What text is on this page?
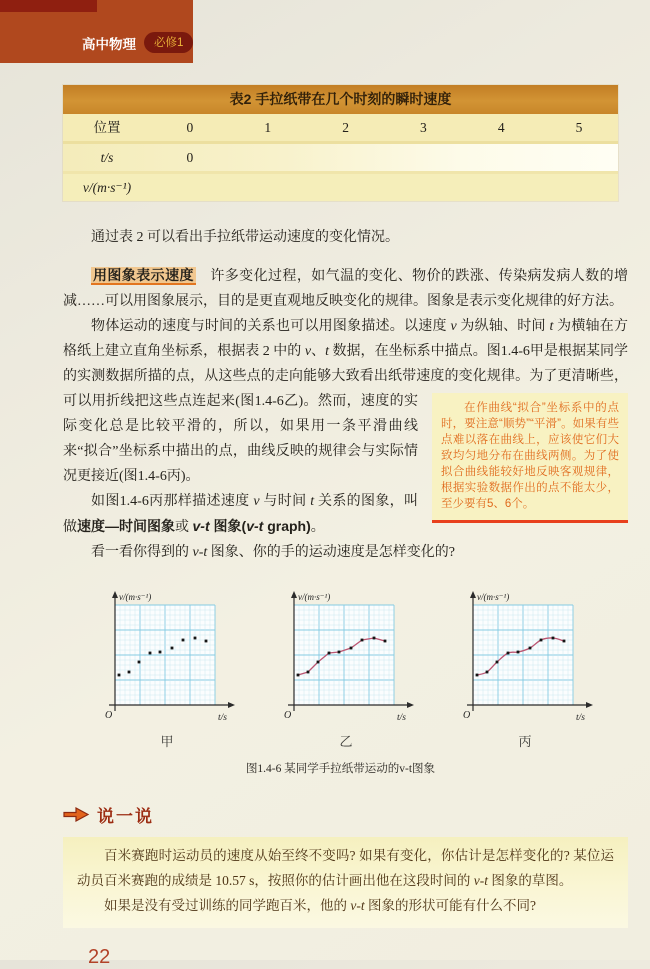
高中物理	必修1
表2 手拉纸带在几个时刻的瞬时速度
位置	0	1	2	3	4	5
t/s	0
v/(m·s⁻¹)

通过表 2 可以看出手拉纸带运动速度的变化情况。

用图象表示速度　许多变化过程，如气温的变化、物价的跌涨、传染病发病人数的增减……可以用图象展示，目的是更直观地反映变化的规律。图象是表示变化规律的好方法。

物体运动的速度与时间的关系也可以用图象描述。以速度 v 为纵轴、时间 t 为横轴在方格纸上建立直角坐标系，根据表 2 中的 v、t 数据，在坐标系中描点。图1.4-6甲是根据某同学的实测数据所描的点，从这些点的走向能够大致看出纸带速度的变化规律。为了更清晰
在作曲线“拟合”坐标系中的点时，要注意“顺势”“平滑”。如果有些点难以落在曲线上，应该使它们大致均匀地分布在曲线两侧。为了使拟合曲线能较好地反映客观规律，根据实验数据作出的点不能太少，至少要有5、6个。
些，可以用折线把这些点连起来(图1.4-6乙)。然而，速度的实际变化总是比较平滑的，所以，如果用一条平滑曲线来“拟合”坐标系中描出的点，曲线反映的规律会与实际情况更接近(图1.4-6丙)。

如图1.4-6丙那样描述速度 v 与时间 t 关系的图象，叫做速度—时间图象或 v-t 图象(v-t graph)。

看一看你得到的 v-t 图象、你的手的运动速度是怎样变化的?

v/(m·s⁻¹)
t/s
O
甲
v/(m·s⁻¹)
t/s
O
乙
v/(m·s⁻¹)
t/s
O
丙
图1.4-6 某同学手拉纸带运动的v-t图象
说一说

百米赛跑时运动员的速度从始至终不变吗? 如果有变化，你估计是怎样变化的? 某位运动员百米赛跑的成绩是 10.57 s，按照你的估计画出他在这段时间的 v-t 图象的草图。

如果是没有受过训练的同学跑百米，他的 v-t 图象的形状可能有什么不同?

22
